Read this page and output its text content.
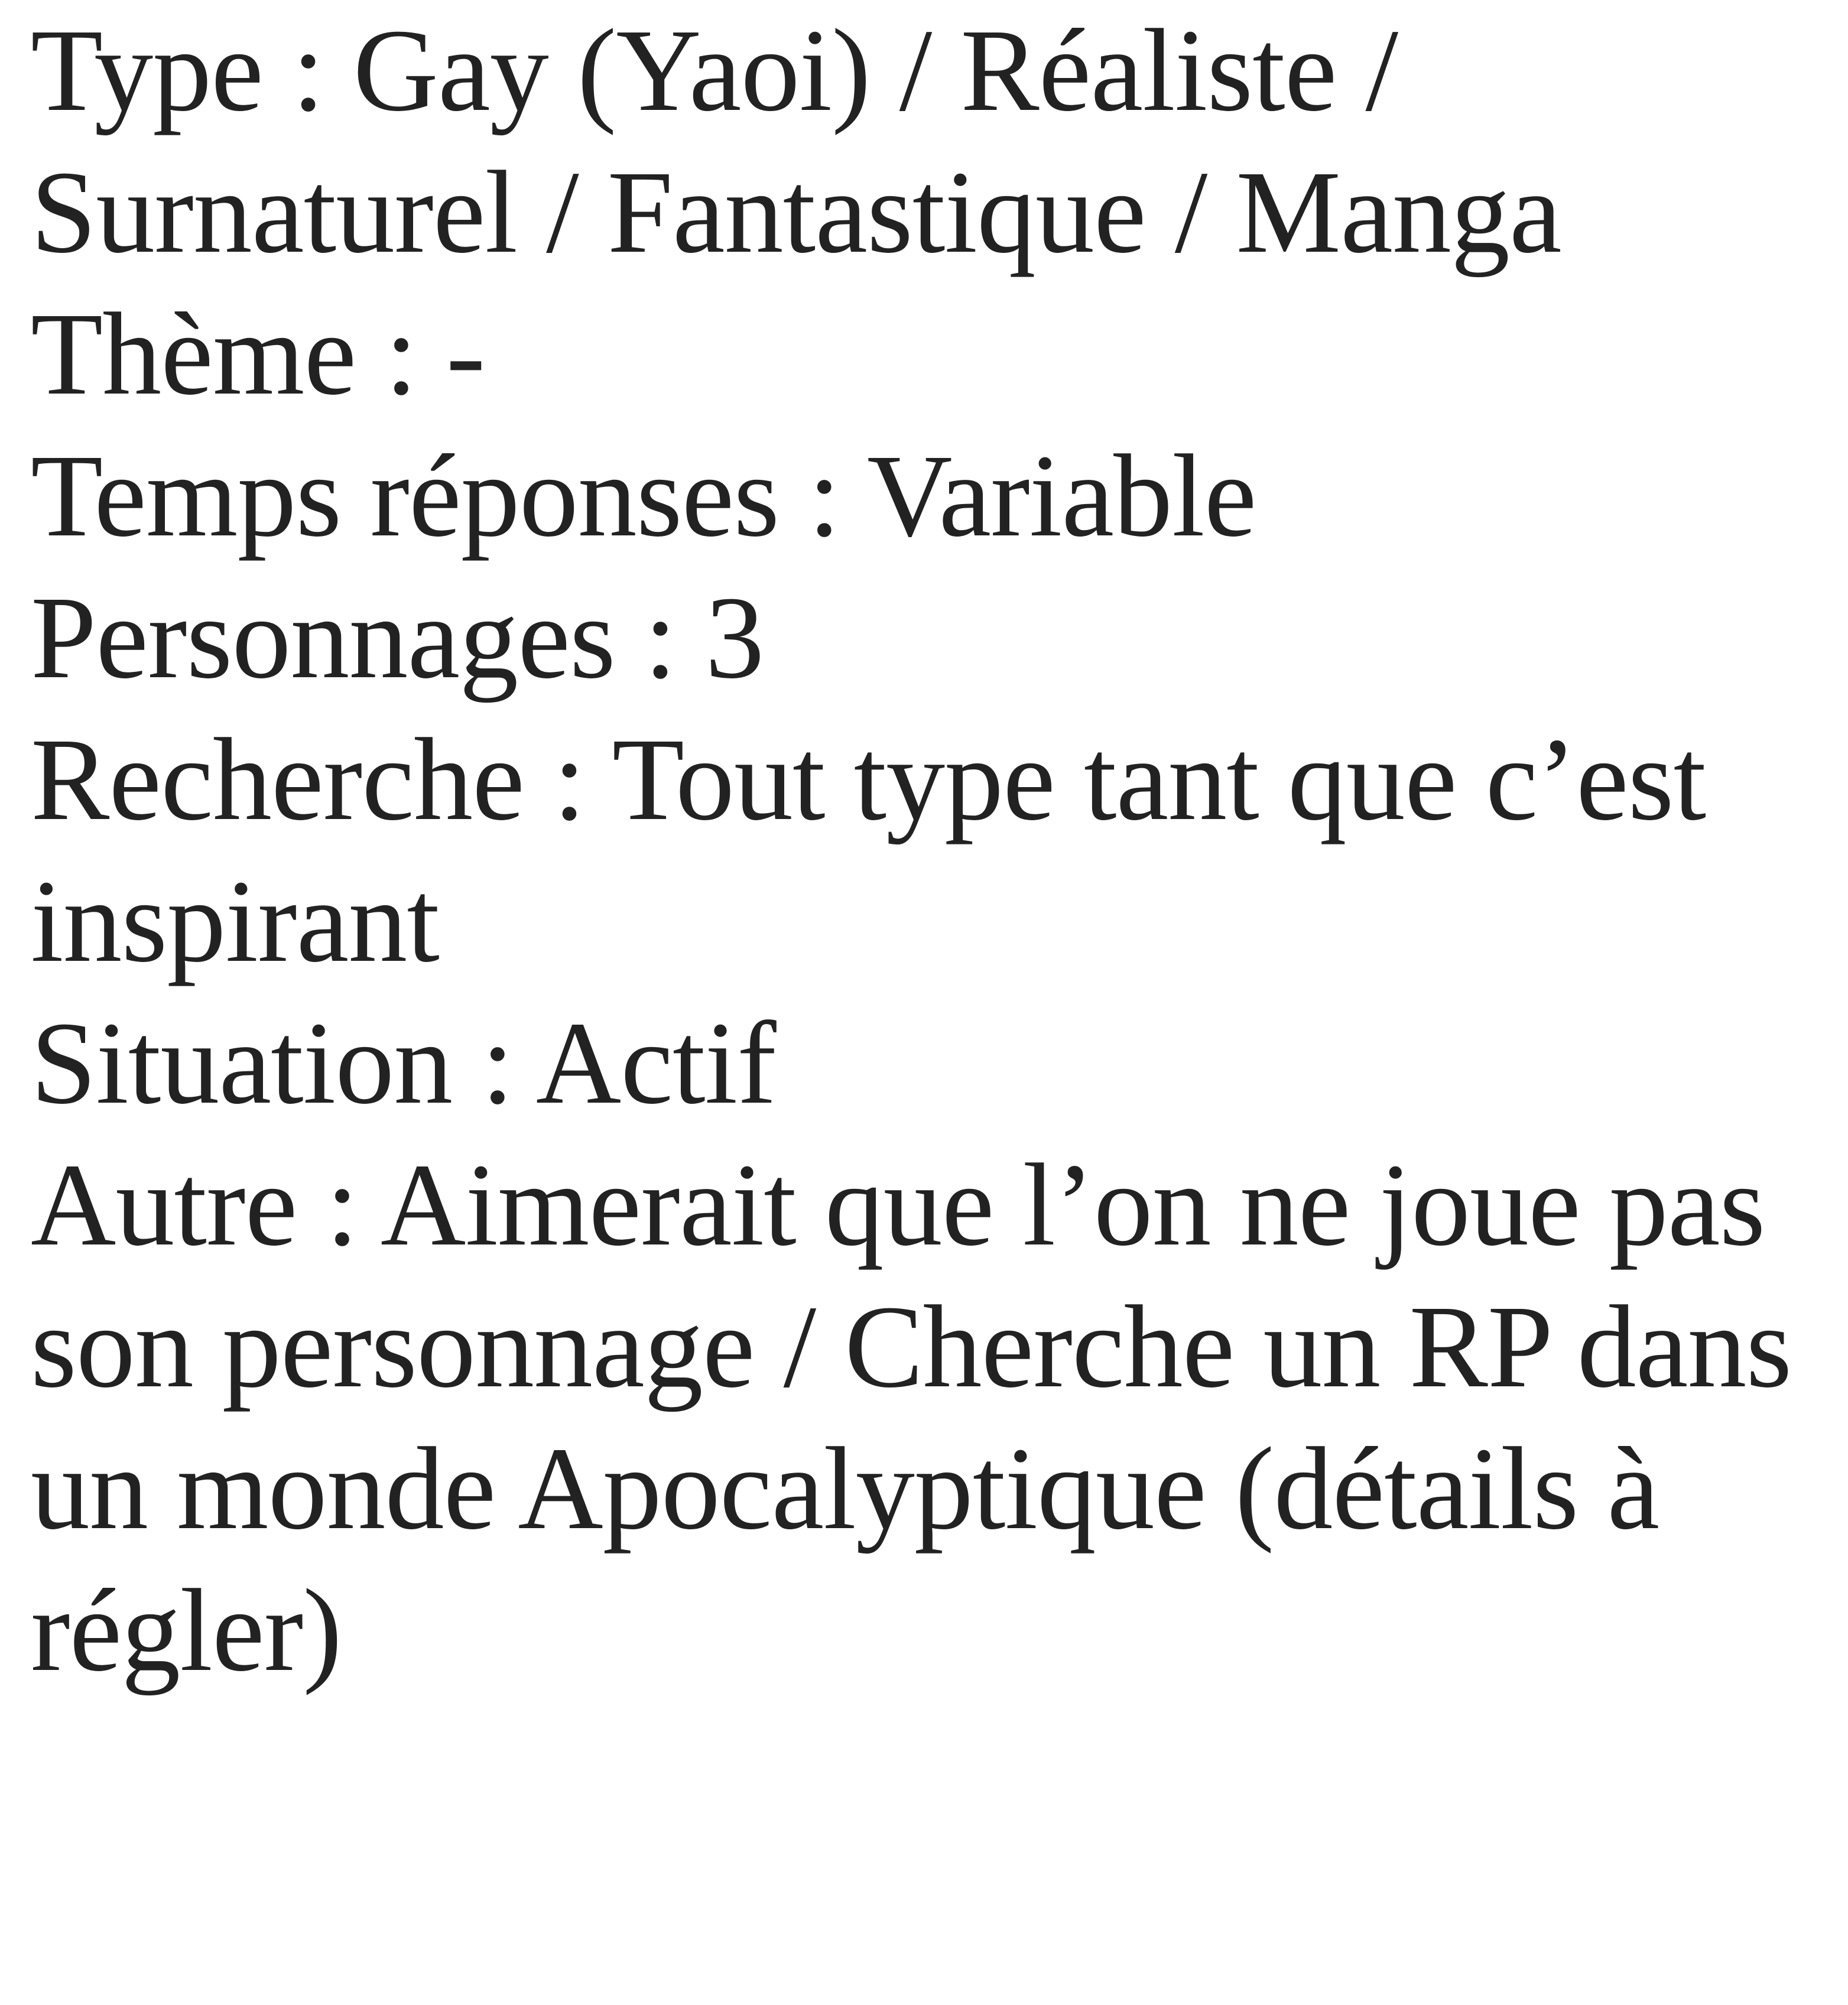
Type : Gay (Yaoi) / Réaliste /
Surnaturel / Fantastique / Manga
Thème : -
Temps réponses : Variable
Personnages : 3
Recherche : Tout type tant que c’est
inspirant
Situation : Actif
Autre : Aimerait que l’on ne joue pas
son personnage / Cherche un RP dans
un monde Apocalyptique (détails à
régler)
